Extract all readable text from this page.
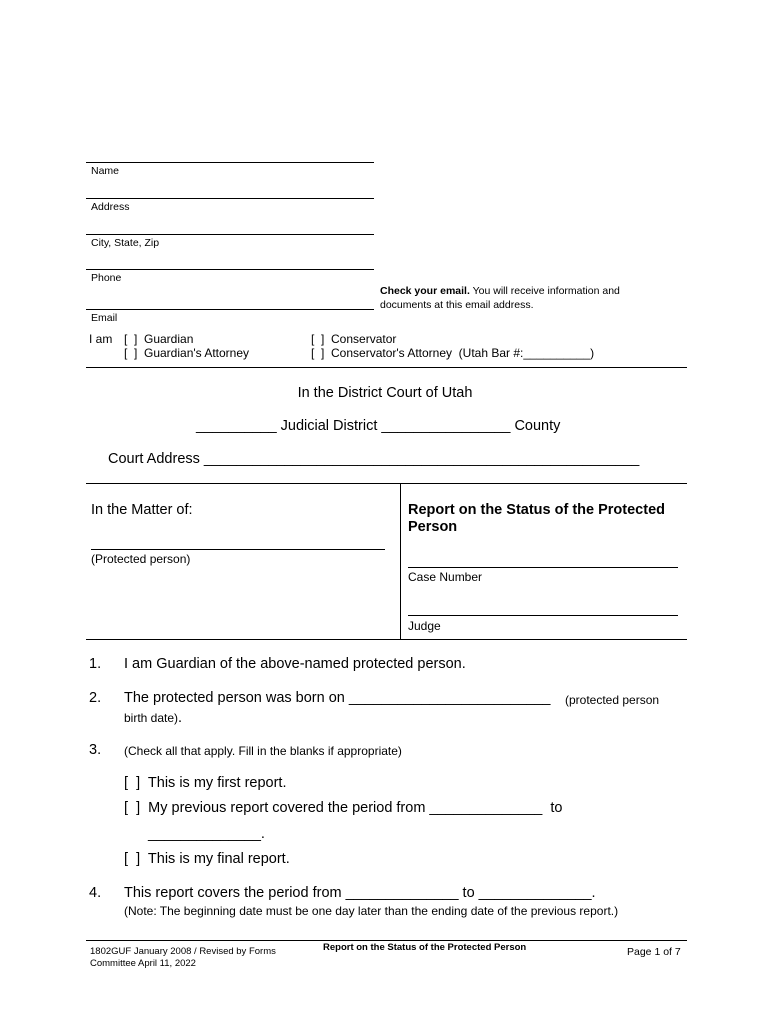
Name
Address
City, State, Zip
Phone
Email
Check your email. You will receive information and
documents at this email address.
I am [  ]  Guardian
[  ]  Guardian's Attorney
[  ]  Conservator
[  ]  Conservator's Attorney  (Utah Bar #:__________)
In the District Court of Utah
__________ Judicial District ________________ County
Court Address ______________________________________________________
In the Matter of:
(Protected person)
Report on the Status of the Protected
Person
Case Number
Judge
1. I am Guardian of the above-named protected person.
2. The protected person was born on _________________________ (protected person
birth date).
3. (Check all that apply. Fill in the blanks if appropriate)
[  ]  This is my first report.
[  ]  My previous report covered the period from ______________  to
______________.
[  ]  This is my final report.
4. This report covers the period from ______________ to ______________.
(Note: The beginning date must be one day later than the ending date of the previous report.)
1802GUF January 2008 / Revised by Forms
Committee April 11, 2022
Report on the Status of the Protected Person	Page 1 of 7
